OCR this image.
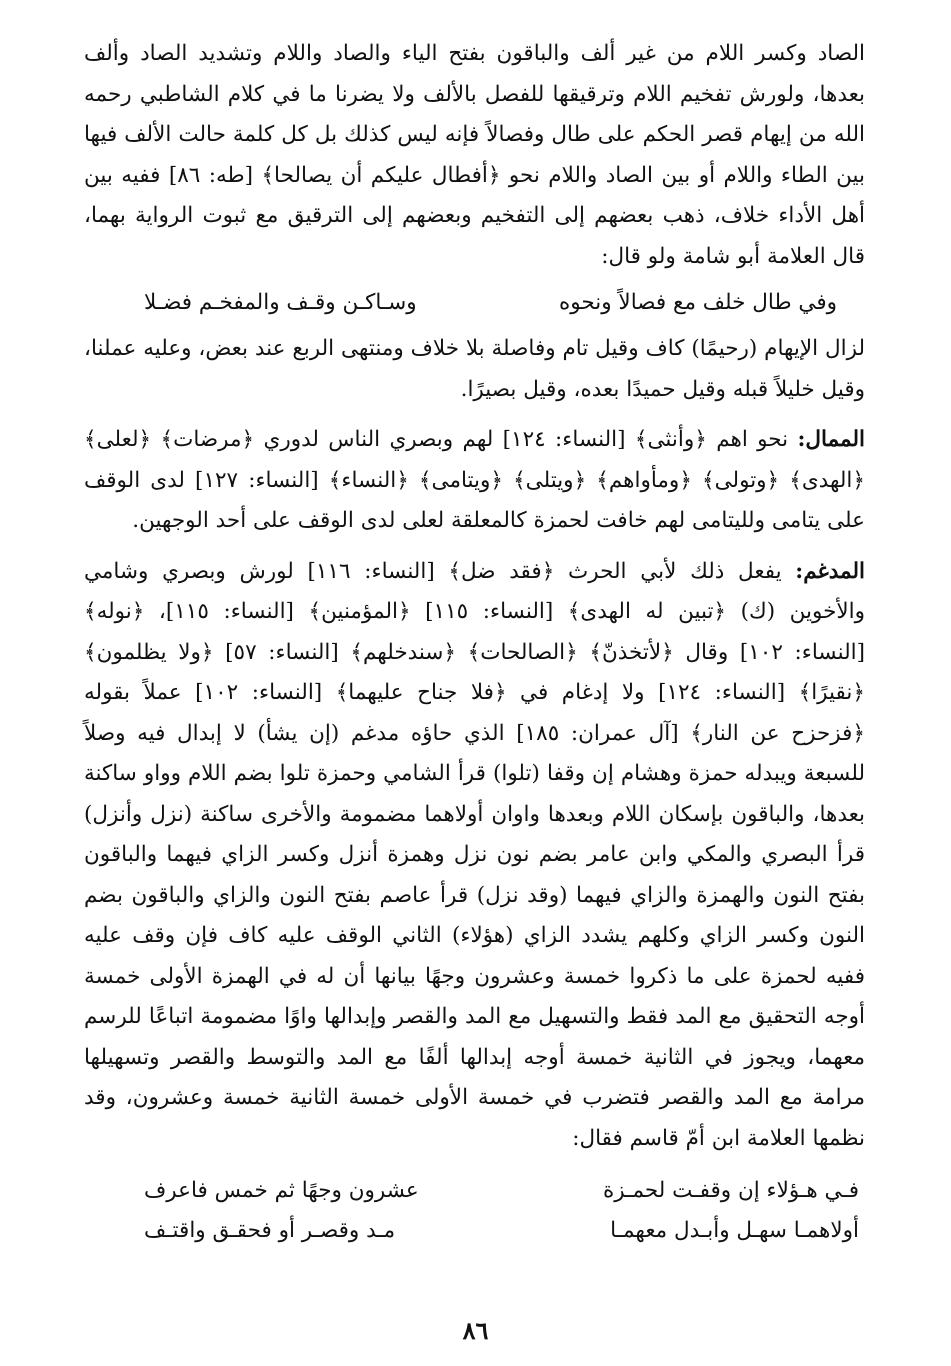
الصاد وكسر اللام من غير ألف والباقون بفتح الياء والصاد واللام وتشديد الصاد وألف بعدها، ولورش تفخيم اللام وترقيقها للفصل بالألف ولا يضرنا ما في كلام الشاطبي رحمه الله من إيهام قصر الحكم على طال وفصالاً فإنه ليس كذلك بل كل كلمة حالت الألف فيها بين الطاء واللام أو بين الصاد واللام نحو ﴿أفطال عليكم أن يصالحا﴾ [طه: ٨٦] ففيه بين أهل الأداء خلاف، ذهب بعضهم إلى التفخيم وبعضهم إلى الترقيق مع ثبوت الرواية بهما، قال العلامة أبو شامة ولو قال:

وفي طال خلف مع فصالاً ونحوه
وسـاكـن وقـف والمفخـم فضـلا

لزال الإيهام (رحيمًا) كاف وقيل تام وفاصلة بلا خلاف ومنتهى الربع عند بعض، وعليه عملنا، وقيل خليلاً قبله وقيل حميدًا بعده، وقيل بصيرًا.

الممال: نحو اهم ﴿وأنثى﴾ [النساء: ١٢٤] لهم وبصري الناس لدوري ﴿مرضات﴾ ﴿لعلى﴾ ﴿الهدى﴾ ﴿وتولى﴾ ﴿ومأواهم﴾ ﴿ويتلى﴾ ﴿ويتامى﴾ ﴿النساء﴾ [النساء: ١٢٧] لدى الوقف على يتامى ولليتامى لهم خافت لحمزة كالمعلقة لعلى لدى الوقف على أحد الوجهين.

المدغم: يفعل ذلك لأبي الحرث ﴿فقد ضل﴾ [النساء: ١١٦] لورش وبصري وشامي والأخوين (ك) ﴿تبين له الهدى﴾ [النساء: ١١٥] ﴿المؤمنين﴾ [النساء: ١١٥]، ﴿نوله﴾ [النساء: ١٠٢] وقال ﴿لأتخذنّ﴾ ﴿الصالحات﴾ ﴿سندخلهم﴾ [النساء: ٥٧] ﴿ولا يظلمون﴾ ﴿نقيرًا﴾ [النساء: ١٢٤] ولا إدغام في ﴿فلا جناح عليهما﴾ [النساء: ١٠٢] عملاً بقوله ﴿فزحزح عن النار﴾ [آل عمران: ١٨٥] الذي حاؤه مدغم (إن يشأ) لا إبدال فيه وصلاً للسبعة ويبدله حمزة وهشام إن وقفا (تلوا) قرأ الشامي وحمزة تلوا بضم اللام وواو ساكنة بعدها، والباقون بإسكان اللام وبعدها واوان أولاهما مضمومة والأخرى ساكنة (نزل وأنزل) قرأ البصري والمكي وابن عامر بضم نون نزل وهمزة أنزل وكسر الزاي فيهما والباقون بفتح النون والهمزة والزاي فيهما (وقد نزل) قرأ عاصم بفتح النون والزاي والباقون بضم النون وكسر الزاي وكلهم يشدد الزاي (هؤلاء) الثاني الوقف عليه كاف فإن وقف عليه ففيه لحمزة على ما ذكروا خمسة وعشرون وجهًا بيانها أن له في الهمزة الأولى خمسة أوجه التحقيق مع المد فقط والتسهيل مع المد والقصر وإبدالها واوًا مضمومة اتباعًا للرسم معهما، ويجوز في الثانية خمسة أوجه إبدالها ألفًا مع المد والتوسط والقصر وتسهيلها مرامة مع المد والقصر فتضرب في خمسة الأولى خمسة الثانية خمسة وعشرون، وقد نظمها العلامة ابن أمّ قاسم فقال:

فـي هـؤلاء إن وقفـت لحمـزة
عشرون وجهًا ثم خمس فاعرف
أولاهمـا سهـل وأبـدل معهمـا
مـد وقصـر أو فحقـق واقتـف
٨٦
